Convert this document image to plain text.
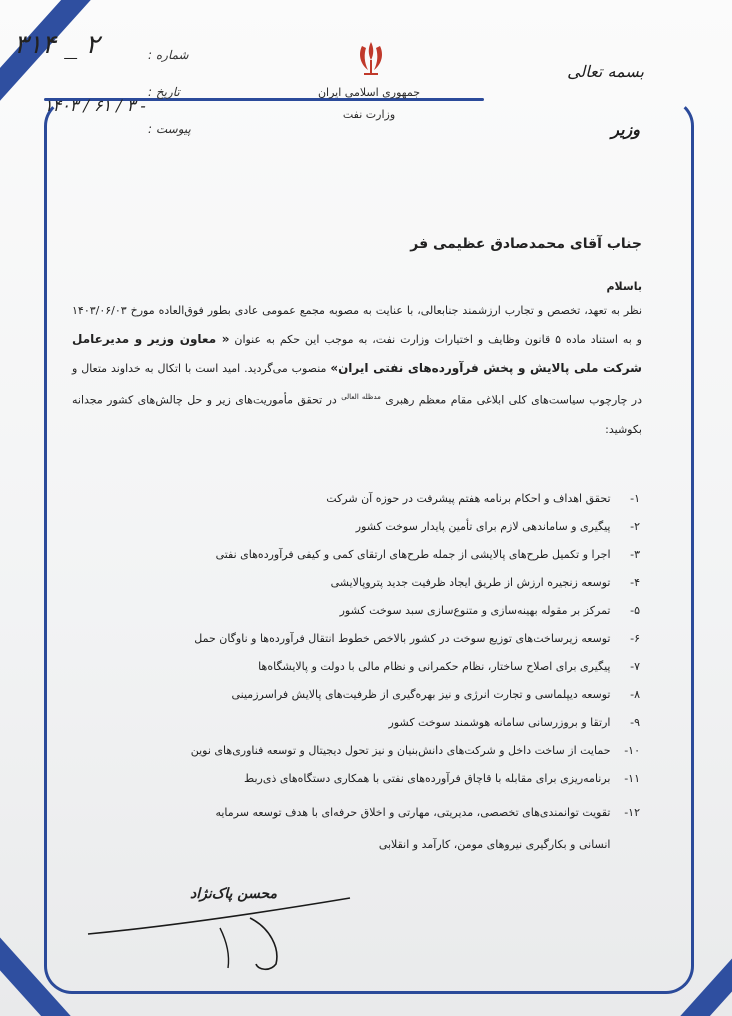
جمهوری اسلامی ایران
وزارت نفت
بسمه تعالی
وزیر
شماره :
تاریخ :
پیوست :
۳۱۴ _ ۲
۱۴۰۳ / ۶۱ / ۳ -
جناب آقای محمدصادق عظیمی فر
باسلام
نظر به تعهد، تخصص و تجارب ارزشمند جنابعالی، با عنایت به مصوبه مجمع عمومی عادی بطور فوق‌العاده مورخ ۱۴۰۳/۰۶/۰۳ و به استناد ماده ۵ قانون وظایف و اختیارات وزارت نفت، به موجب این حکم به عنوان « معاون وزیر و مدیرعامل شرکت ملی پالایش و پخش فرآورده‌های نفتی ایران» منصوب می‌گردید. امید است با اتکال به خداوند متعال و در چارچوب سیاست‌های کلی ابلاغی مقام معظم رهبری $^{مدظله العالی}$ در تحقق مأموریت‌های زیر و حل چالش‌های کشور مجدانه بکوشید:
۱- تحقق اهداف و احکام برنامه هفتم پیشرفت در حوزه آن شرکت
۲- پیگیری و ساماندهی لازم برای تأمین پایدار سوخت کشور
۳- اجرا و تکمیل طرح‌های پالایشی از جمله طرح‌های ارتقای کمی و کیفی فرآورده‌های نفتی
۴- توسعه زنجیره ارزش از طریق ایجاد ظرفیت جدید پتروپالایشی
۵- تمرکز بر مقوله بهینه‌سازی و متنوع‌سازی سبد سوخت کشور
۶- توسعه زیرساخت‌های توزیع سوخت در کشور بالاخص خطوط انتقال فرآورده‌ها و ناوگان حمل
۷- پیگیری برای اصلاح ساختار، نظام حکمرانی و نظام مالی با دولت و پالایشگاه‌ها
۸- توسعه دیپلماسی و تجارت انرژی و نیز بهره‌گیری از ظرفیت‌های پالایش فراسرزمینی
۹- ارتقا و بروزرسانی سامانه هوشمند سوخت کشور
۱۰- حمایت از ساخت داخل و شرکت‌های دانش‌بنیان و نیز تحول دیجیتال و توسعه فناوری‌های نوین
۱۱- برنامه‌ریزی برای مقابله با قاچاق فرآورده‌های نفتی با همکاری دستگاه‌های ذی‌ربط
۱۲- تقویت توانمندی‌های تخصصی، مدیریتی، مهارتی و اخلاق حرفه‌ای با هدف توسعه سرمایه
انسانی و بکارگیری نیروهای مومن، کارآمد و انقلابی
محسن پاک‌نژاد
